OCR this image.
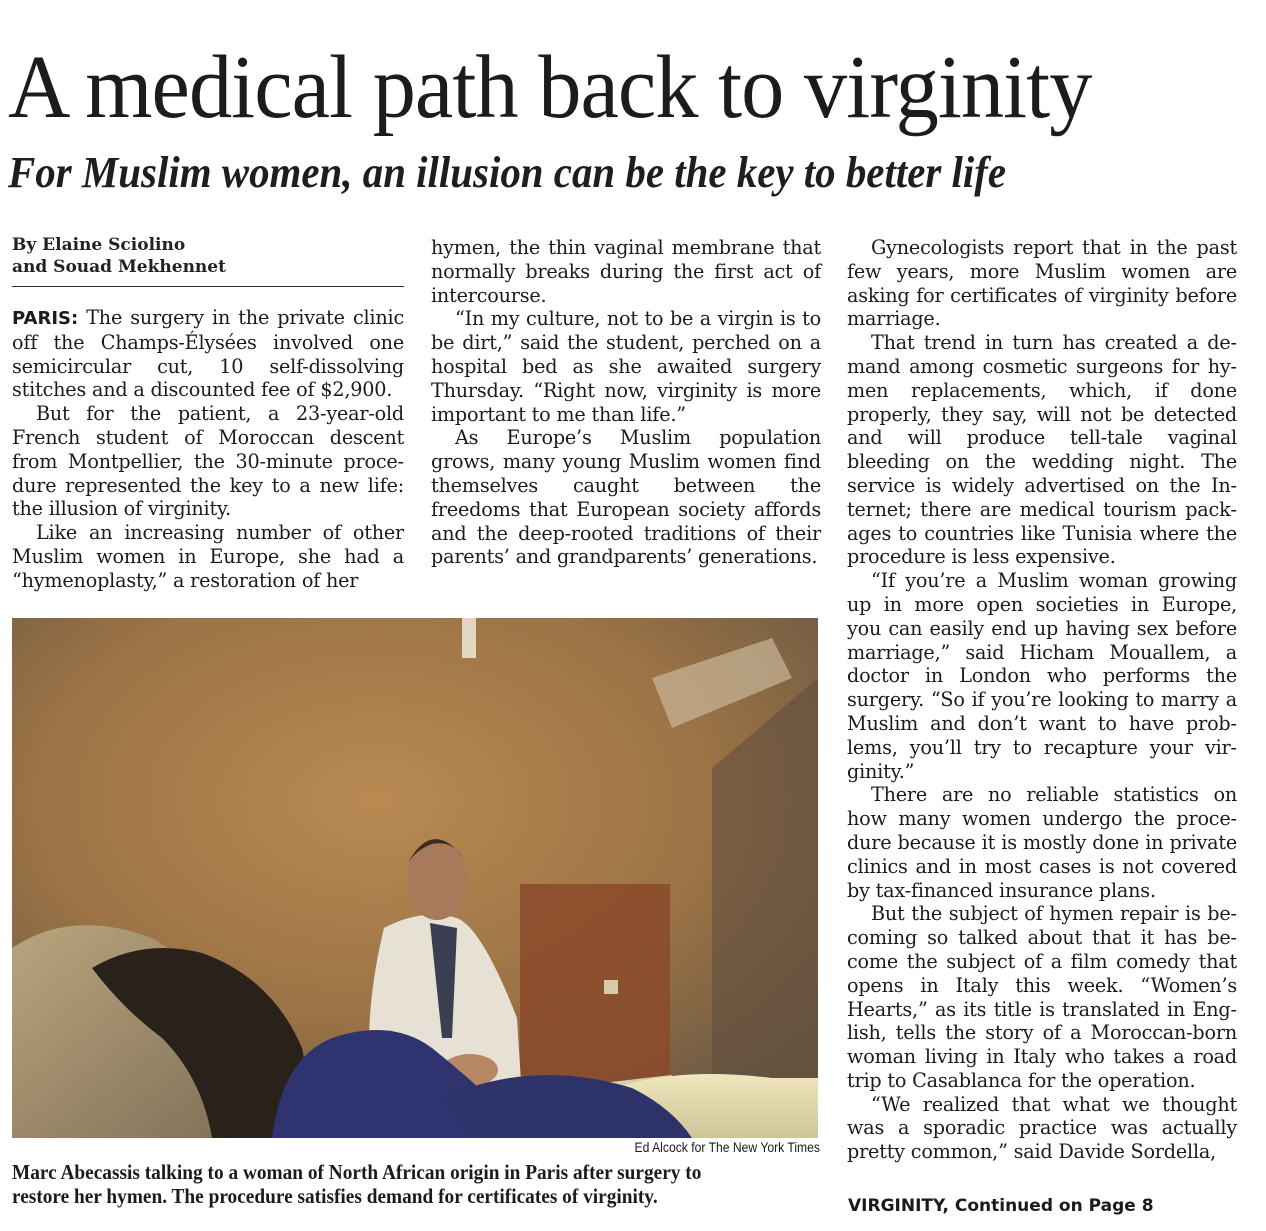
A medical path back to virginity
For Muslim women, an illusion can be the key to better life
By Elaine Sciolino
and Souad Mekhennet

PARIS: The surgery in the private clinic off the Champs-Élysées involved one semicircular cut, 10 self-dissolving stitches and a discounted fee of $2,900.

But for the patient, a 23-year-old French student of Moroccan descent from Montpellier, the 30-minute procedure represented the key to a new life: the illusion of virginity.

Like an increasing number of other Muslim women in Europe, she had a “hymenoplasty,” a restoration of her

hymen, the thin vaginal membrane that normally breaks during the first act of intercourse.

“In my culture, not to be a virgin is to be dirt,” said the student, perched on a hospital bed as she awaited surgery Thursday. “Right now, virginity is more important to me than life.”

As Europe’s Muslim population grows, many young Muslim women find themselves caught between the freedoms that European society affords and the deep-rooted traditions of their parents’ and grandparents’ generations.

Gynecologists report that in the past few years, more Muslim women are asking for certificates of virginity before marriage.

That trend in turn has created a demand among cosmetic surgeons for hymen replacements, which, if done properly, they say, will not be detected and will produce tell-tale vaginal bleeding on the wedding night. The service is widely advertised on the Internet; there are medical tourism packages to countries like Tunisia where the procedure is less expensive.

“If you’re a Muslim woman growing up in more open societies in Europe, you can easily end up having sex before marriage,” said Hicham Mouallem, a doctor in London who performs the surgery. “So if you’re looking to marry a Muslim and don’t want to have problems, you’ll try to recapture your virginity.”

There are no reliable statistics on how many women undergo the procedure because it is mostly done in private clinics and in most cases is not covered by tax-financed insurance plans.

But the subject of hymen repair is becoming so talked about that it has become the subject of a film comedy that opens in Italy this week. “Women’s Hearts,” as its title is translated in English, tells the story of a Moroccan-born woman living in Italy who takes a road trip to Casablanca for the operation.

“We realized that what we thought was a sporadic practice was actually pretty common,” said Davide Sordella,

Ed Alcock for The New York Times
Marc Abecassis talking to a woman of North African origin in Paris after surgery to
restore her hymen. The procedure satisfies demand for certificates of virginity.	VIRGINITY, Continued on Page 8
